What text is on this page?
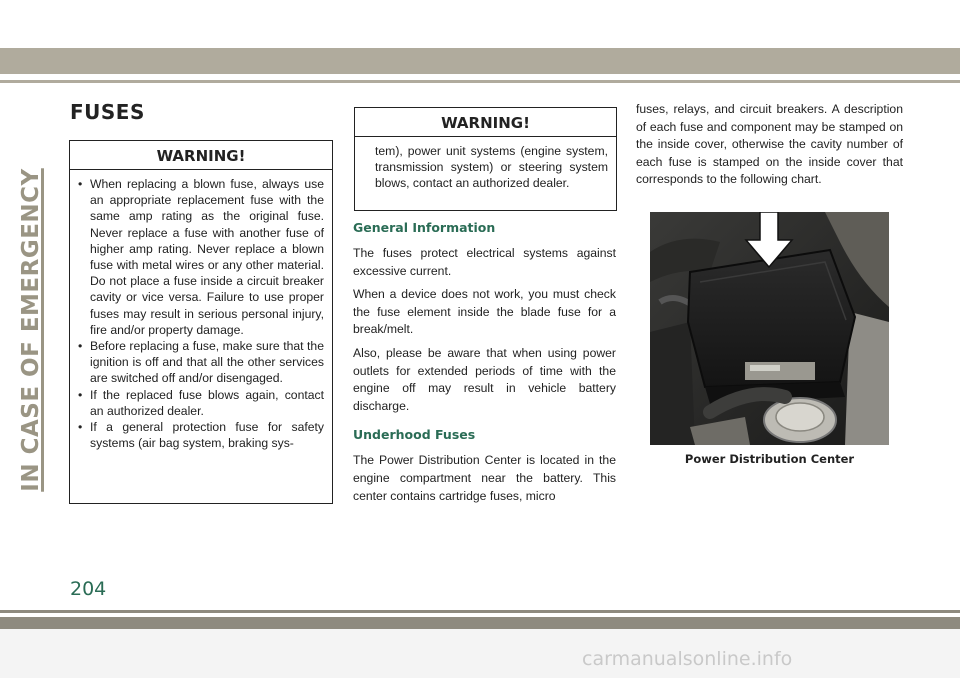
IN CASE OF EMERGENCY
FUSES
WARNING!
• When replacing a blown fuse, always use an appropriate replacement fuse with the same amp rating as the original fuse. Never replace a fuse with another fuse of higher amp rating. Never replace a blown fuse with metal wires or any other material. Do not place a fuse inside a circuit breaker cavity or vice versa. Failure to use proper fuses may result in serious personal injury, fire and/or property damage.
• Before replacing a fuse, make sure that the ignition is off and that all the other services are switched off and/or disengaged.
• If the replaced fuse blows again, contact an authorized dealer.
• If a general protection fuse for safety systems (air bag system, braking sys-
WARNING!

tem), power unit systems (engine system, transmission system) or steering system blows, contact an authorized dealer.

General Information

The fuses protect electrical systems against excessive current.

When a device does not work, you must check the fuse element inside the blade fuse for a break/melt.

Also, please be aware that when using power outlets for extended periods of time with the engine off may result in vehicle battery discharge.

Underhood Fuses

The Power Distribution Center is located in the engine compartment near the battery. This center contains cartridge fuses, micro

fuses, relays, and circuit breakers. A description of each fuse and component may be stamped on the inside cover, otherwise the cavity number of each fuse is stamped on the inside cover that corresponds to the following chart.

Power Distribution Center
204
carmanualsonline.info
